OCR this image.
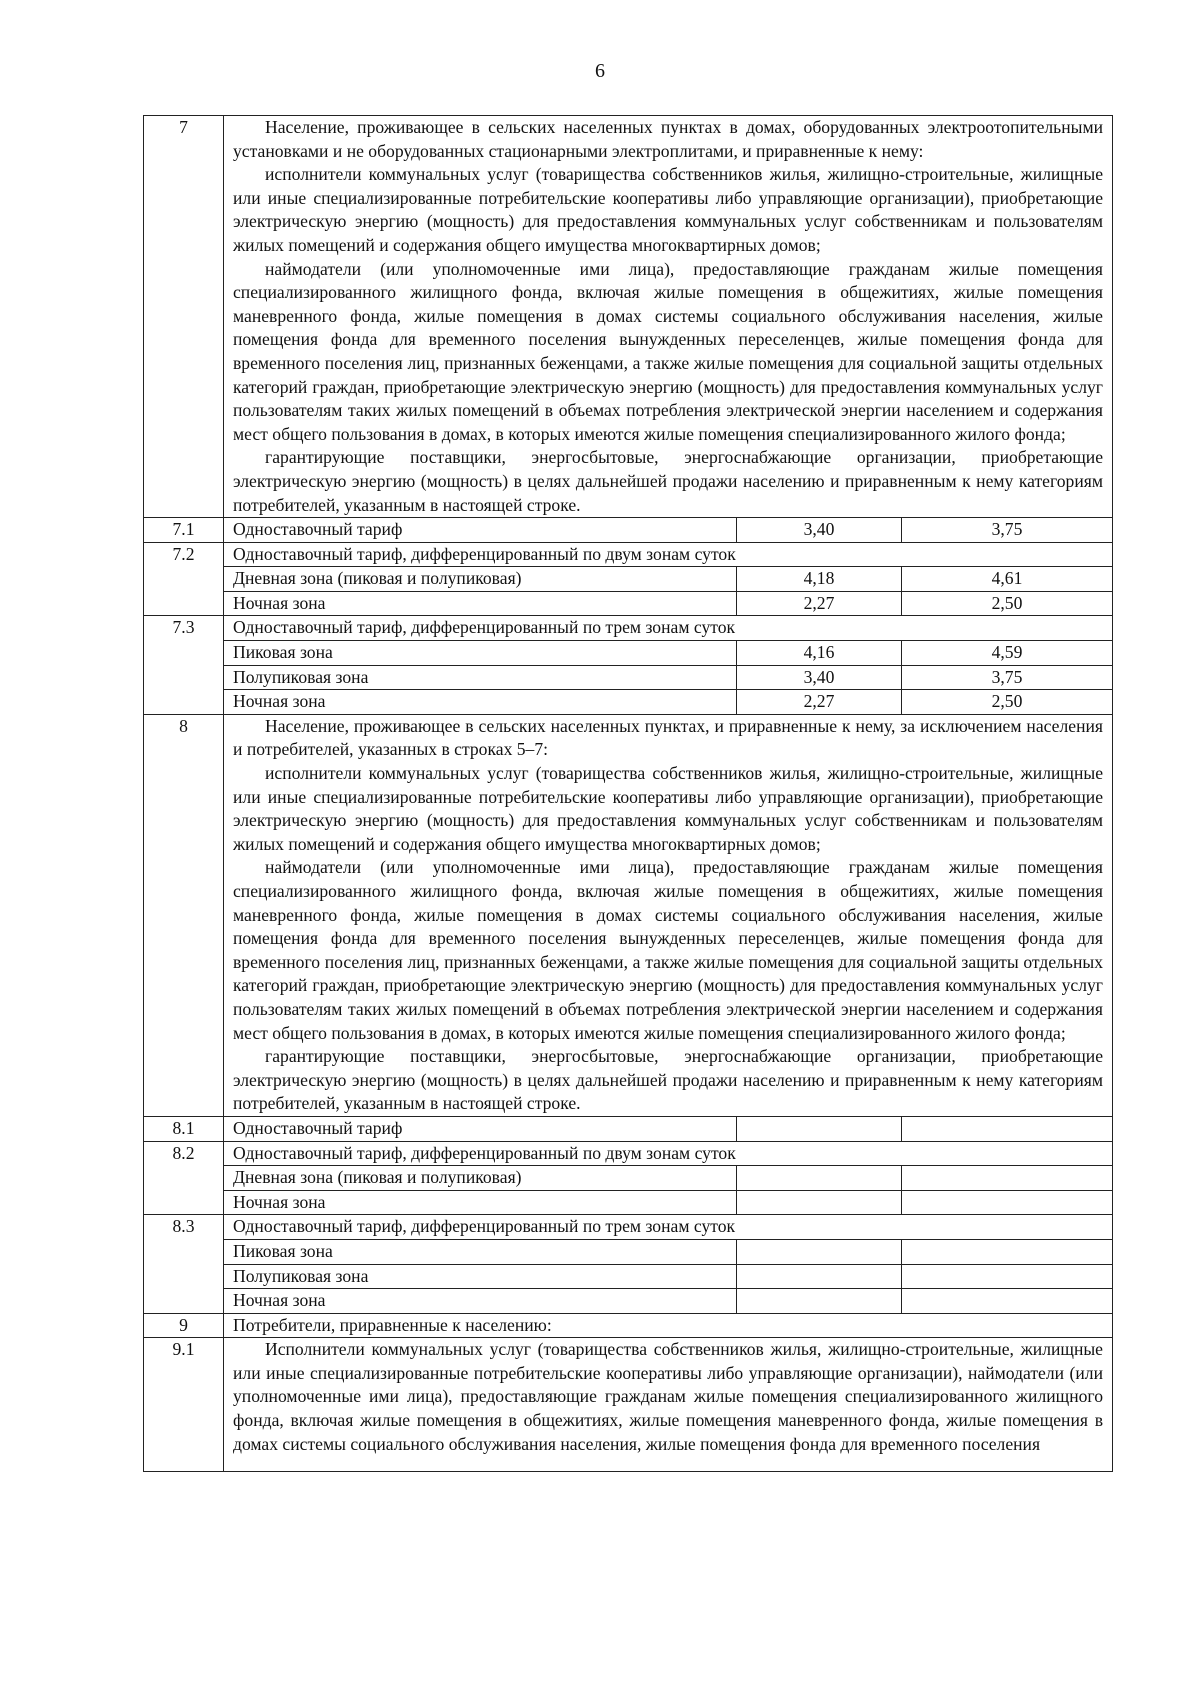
6
7	Население, проживающее в сельских населенных пунктах в домах, оборудованных электроотопительными установками и не оборудованных стационарными электроплитами, и приравненные к нему:

исполнители коммунальных услуг (товарищества собственников жилья, жилищно-строительные, жилищные или иные специализированные потребительские кооперативы либо управляющие организации), приобретающие электрическую энергию (мощность) для предоставления коммунальных услуг собственникам и пользователям жилых помещений и содержания общего имущества многоквартирных домов;

наймодатели (или уполномоченные ими лица), предоставляющие гражданам жилые помещения специализированного жилищного фонда, включая жилые помещения в общежитиях, жилые помещения маневренного фонда, жилые помещения в домах системы социального обслуживания населения, жилые помещения фонда для временного поселения вынужденных переселенцев, жилые помещения фонда для временного поселения лиц, признанных беженцами, а также жилые помещения для социальной защиты отдельных категорий граждан, приобретающие электрическую энергию (мощность) для предоставления коммунальных услуг пользователям таких жилых помещений в объемах потребления электрической энергии населением и содержания мест общего пользования в домах, в которых имеются жилые помещения специализированного жилого фонда;

гарантирующие поставщики, энергосбытовые, энергоснабжающие организации, приобретающие электрическую энергию (мощность) в целях дальнейшей продажи населению и приравненным к нему категориям потребителей, указанным в настоящей строке.		

7.1	Одноставочный тариф	3,40	3,75
7.2	Одноставочный тариф, дифференцированный по двум зонам суток		
	Дневная зона (пиковая и полупиковая)	4,18	4,61
	Ночная зона	2,27	2,50
7.3	Одноставочный тариф, дифференцированный по трем зонам суток		
	Пиковая зона	4,16	4,59
	Полупиковая зона	3,40	3,75
	Ночная зона	2,27	2,50
8	Население, проживающее в сельских населенных пунктах, и приравненные к нему, за исключением населения и потребителей, указанных в строках 5–7:

исполнители коммунальных услуг (товарищества собственников жилья, жилищно-строительные, жилищные или иные специализированные потребительские кооперативы либо управляющие организации), приобретающие электрическую энергию (мощность) для предоставления коммунальных услуг собственникам и пользователям жилых помещений и содержания общего имущества многоквартирных домов;

наймодатели (или уполномоченные ими лица), предоставляющие гражданам жилые помещения специализированного жилищного фонда, включая жилые помещения в общежитиях, жилые помещения маневренного фонда, жилые помещения в домах системы социального обслуживания населения, жилые помещения фонда для временного поселения вынужденных переселенцев, жилые помещения фонда для временного поселения лиц, признанных беженцами, а также жилые помещения для социальной защиты отдельных категорий граждан, приобретающие электрическую энергию (мощность) для предоставления коммунальных услуг пользователям таких жилых помещений в объемах потребления электрической энергии населением и содержания мест общего пользования в домах, в которых имеются жилые помещения специализированного жилого фонда;

гарантирующие поставщики, энергосбытовые, энергоснабжающие организации, приобретающие электрическую энергию (мощность) в целях дальнейшей продажи населению и приравненным к нему категориям потребителей, указанным в настоящей строке.		

8.1	Одноставочный тариф		
8.2	Одноставочный тариф, дифференцированный по двум зонам суток		
	Дневная зона (пиковая и полупиковая)		
	Ночная зона		
8.3	Одноставочный тариф, дифференцированный по трем зонам суток		
	Пиковая зона		
	Полупиковая зона		
	Ночная зона		
9	Потребители, приравненные к населению:		
9.1	Исполнители коммунальных услуг (товарищества собственников жилья, жилищно-строительные, жилищные или иные специализированные потребительские кооперативы либо управляющие организации), наймодатели (или уполномоченные ими лица), предоставляющие гражданам жилые помещения специализированного жилищного фонда, включая жилые помещения в общежитиях, жилые помещения маневренного фонда, жилые помещения в домах системы социального обслуживания населения, жилые помещения фонда для временного поселения		
